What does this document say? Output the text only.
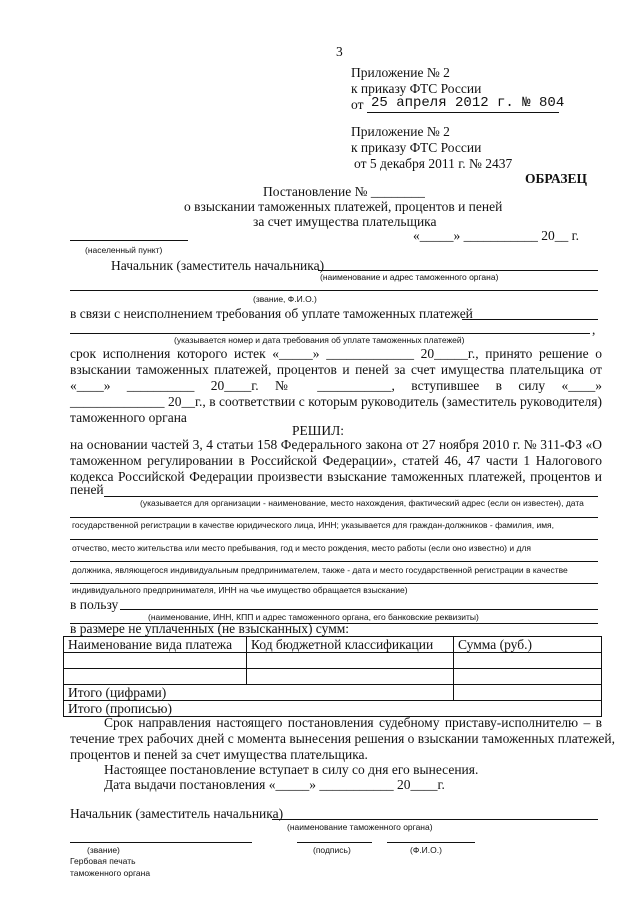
3
Приложение № 2
к приказу ФТС России
от 25 апреля 2012 г. № 804
Приложение № 2
к приказу ФТС России
от 5 декабря 2011 г. № 2437
ОБРАЗЕЦ
Постановление № ________
о взыскании таможенных платежей, процентов и пеней
за счет имущества плательщика
«_____» ___________ 20__ г.
(населенный пункт)
Начальник (заместитель начальника)
(наименование и адрес таможенного органа)
(звание, Ф.И.О.)
в связи с неисполнением требования об уплате таможенных платежей
,
(указывается номер и дата требования об уплате таможенных платежей)
срок исполнения которого истек «_____» _____________ 20_____г., принято решение о
взыскании таможенных платежей, процентов и пеней за счет имущества плательщика от
«____» __________ 20____г. № ___________, вступившее в силу «____»
______________ 20__г., в соответствии с которым руководитель (заместитель руководителя)
таможенного органа
РЕШИЛ:
на основании частей 3, 4 статьи 158 Федерального закона от 27 ноября 2010 г. № 311-ФЗ «О
таможенном регулировании в Российской Федерации», статей 46, 47 части 1 Налогового
кодекса Российской Федерации произвести взыскание таможенных платежей, процентов и
пеней
(указывается для организации - наименование, место нахождения, фактический адрес (если он известен), дата
государственной регистрации в качестве юридического лица, ИНН; указывается для граждан-должников - фамилия, имя,
отчество, место жительства или место пребывания, год и место рождения, место работы (если оно известно) и для
должника, являющегося индивидуальным предпринимателем, также - дата и место государственной регистрации в качестве
индивидуального предпринимателя, ИНН на чье имущество обращается взыскание)
в пользу
(наименование, ИНН, КПП и адрес таможенного органа, его банковские реквизиты)
в размере не уплаченных (не взысканных) сумм:
Наименование вида платежа	Код бюджетной классификации	Сумма (руб.)

Итого (цифрами)		
Итого (прописью)		
Срок направления настоящего постановления судебному приставу-исполнителю – в
течение трех рабочих дней с момента вынесения решения о взыскании таможенных платежей,
процентов и пеней за счет имущества плательщика.
Настоящее постановление вступает в силу со дня его вынесения.
Дата выдачи постановления «_____» ___________ 20____г.
Начальник (заместитель начальника)
(наименование таможенного органа)
(звание)	(подпись)	(Ф.И.О.)
Гербовая печать
таможенного органа
